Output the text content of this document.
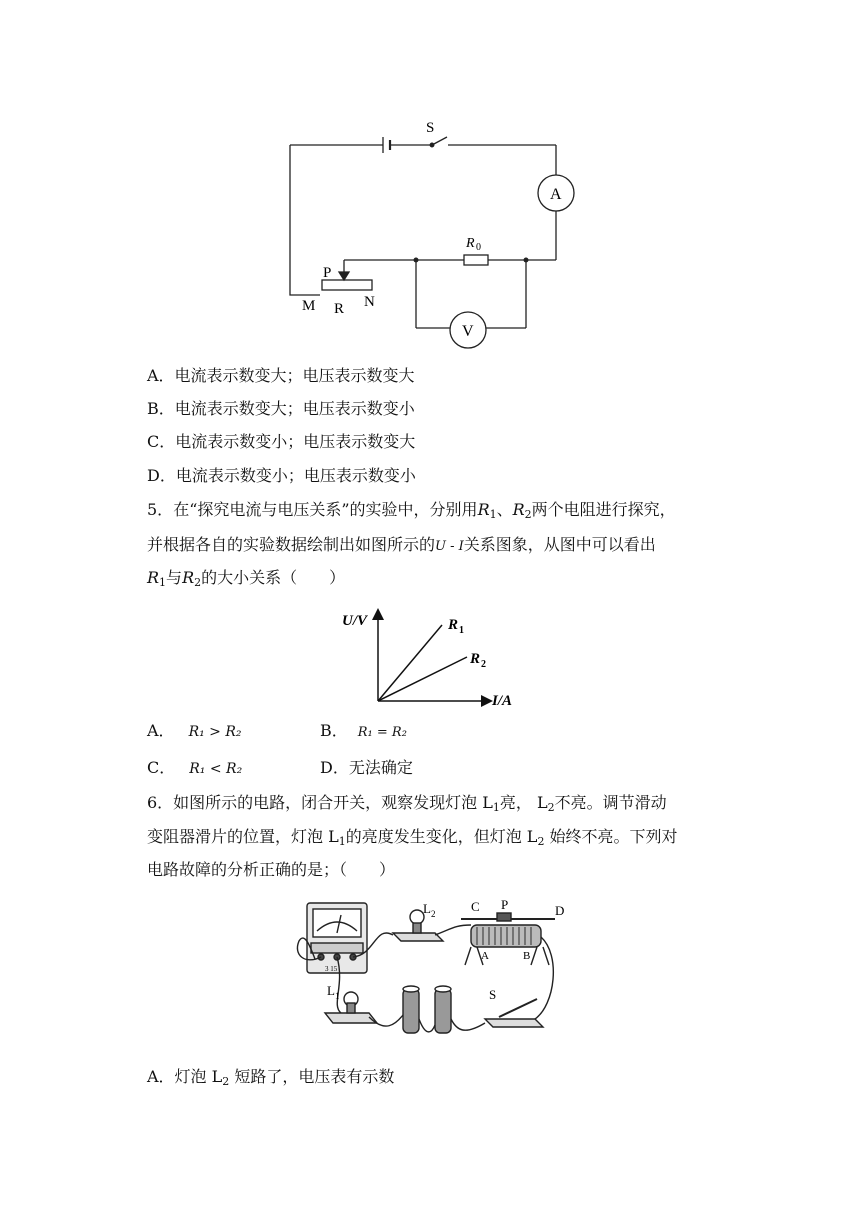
S
A
V
R 0
P
R
M	N
A．电流表示数变大；电压表示数变大
B．电流表示数变大；电压表示数变小
C．电流表示数变小；电压表示数变大
D．电流表示数变小；电压表示数变小
5．在“探究电流与电压关系”的实验中，分别用$R_1$、$R_2$两个电阻进行探究，
并根据各自的实验数据绘制出如图所示的U - I关系图象，从图中可以看出
$R_1$与$R_2$的大小关系（　　）
U/V
I/A
R 1
R 2
A． R₁ > R₂	B． R₁ = R₂
C． R₁ < R₂	D．无法确定
6．如图所示的电路，闭合开关，观察发现灯泡 $L_1$亮， $L_2$不亮。调节滑动
变阻器滑片的位置，灯泡 $L_1$的亮度发生变化，但灯泡 $L_2$ 始终不亮。下列对
电路故障的分析正确的是；（　　）
L 2	C P	D
A	B
S
L 1
3 15
A．灯泡 $L_2$ 短路了，电压表有示数
